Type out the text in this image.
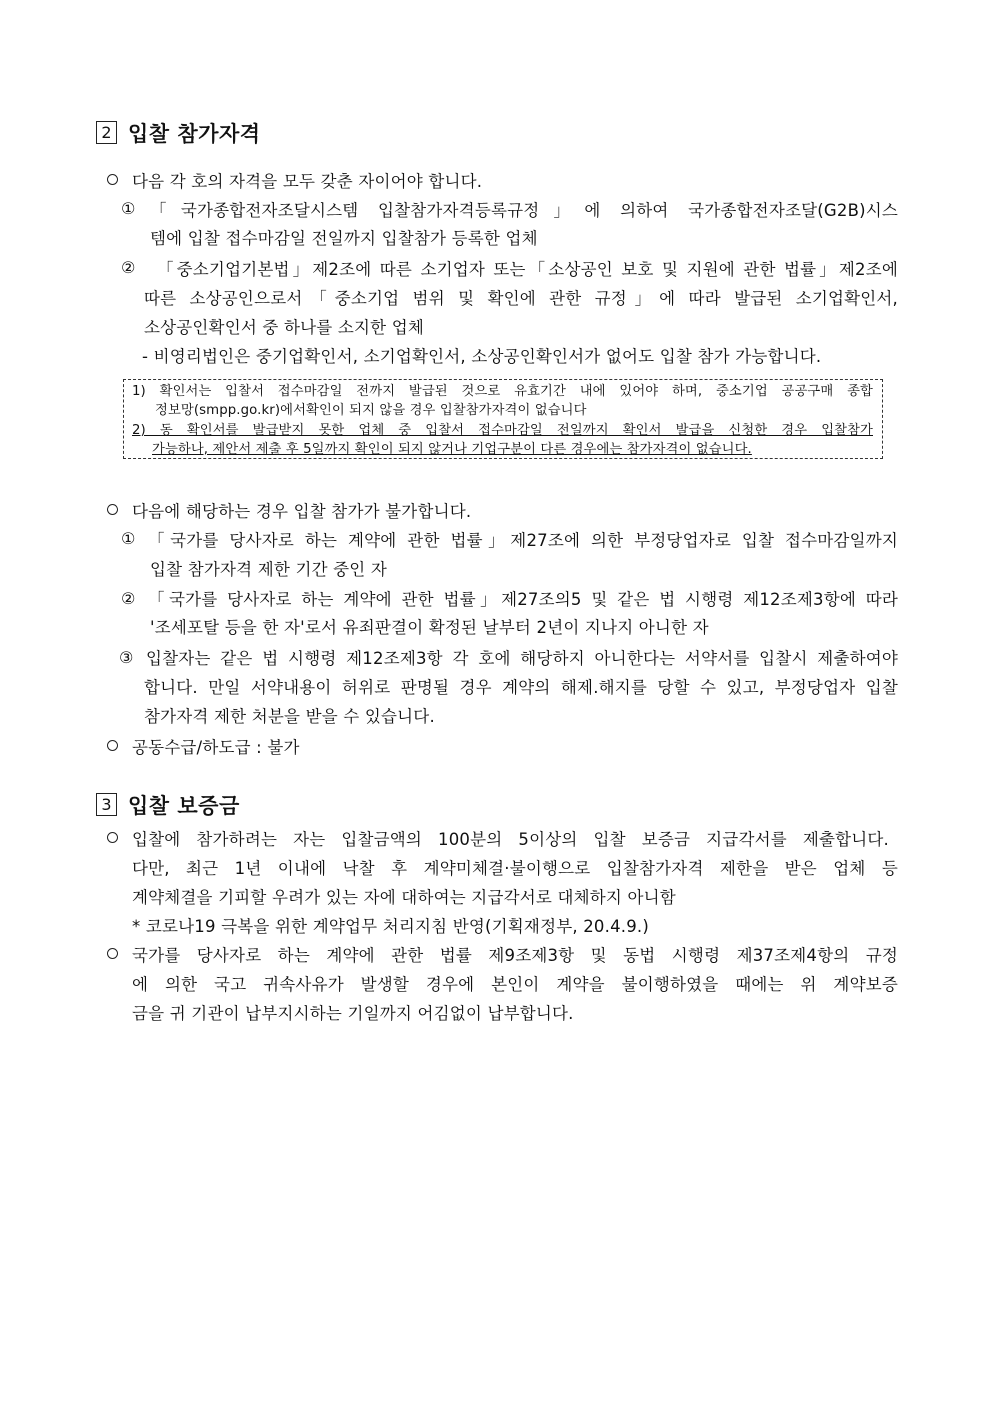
2 입찰 참가자격
다음 각 호의 자격을 모두 갖춘 자이어야 합니다.
① 「국가종합전자조달시스템 입찰참가자격등록규정」에 의하여 국가종합전자조달(G2B)시스
템에 입찰 접수마감일 전일까지 입찰참가 등록한 업체
② 「중소기업기본법」제2조에 따른 소기업자 또는「소상공인 보호 및 지원에 관한 법률」제2조에
따른 소상공인으로서「중소기업 범위 및 확인에 관한 규정」에 따라 발급된 소기업확인서,
소상공인확인서 중 하나를 소지한 업체
- 비영리법인은 중기업확인서, 소기업확인서, 소상공인확인서가 없어도 입찰 참가 가능합니다.
1) 확인서는 입찰서 접수마감일 전까지 발급된 것으로 유효기간 내에 있어야 하며, 중소기업 공공구매 종합
정보망(smpp.go.kr)에서확인이 되지 않을 경우 입찰참가자격이 없습니다
2) 동 확인서를 발급받지 못한 업체 중 입찰서 접수마감일 전일까지 확인서 발급을 신청한 경우 입찰참가
가능하나, 제안서 제출 후 5일까지 확인이 되지 않거나 기업구분이 다른 경우에는 참가자격이 없습니다.
다음에 해당하는 경우 입찰 참가가 불가합니다.
① 「국가를 당사자로 하는 계약에 관한 법률」제27조에 의한 부정당업자로 입찰 접수마감일까지
입찰 참가자격 제한 기간 중인 자
② 「국가를 당사자로 하는 계약에 관한 법률」제27조의5 및 같은 법 시행령 제12조제3항에 따라
'조세포탈 등을 한 자'로서 유죄판결이 확정된 날부터 2년이 지나지 아니한 자
③ 입찰자는 같은 법 시행령 제12조제3항 각 호에 해당하지 아니한다는 서약서를 입찰시 제출하여야
합니다. 만일 서약내용이 허위로 판명될 경우 계약의 해제.해지를 당할 수 있고, 부정당업자 입찰
참가자격 제한 처분을 받을 수 있습니다.
공동수급/하도급 : 불가
3 입찰 보증금
입찰에 참가하려는 자는 입찰금액의 100분의 5이상의 입찰 보증금 지급각서를 제출합니다.
다만, 최근 1년 이내에 낙찰 후 계약미체결·불이행으로 입찰참가자격 제한을 받은 업체 등
계약체결을 기피할 우려가 있는 자에 대하여는 지급각서로 대체하지 아니함
* 코로나19 극복을 위한 계약업무 처리지침 반영(기획재정부, 20.4.9.)
국가를 당사자로 하는 계약에 관한 법률 제9조제3항 및 동법 시행령 제37조제4항의 규정
에 의한 국고 귀속사유가 발생할 경우에 본인이 계약을 불이행하였을 때에는 위 계약보증
금을 귀 기관이 납부지시하는 기일까지 어김없이 납부합니다.
